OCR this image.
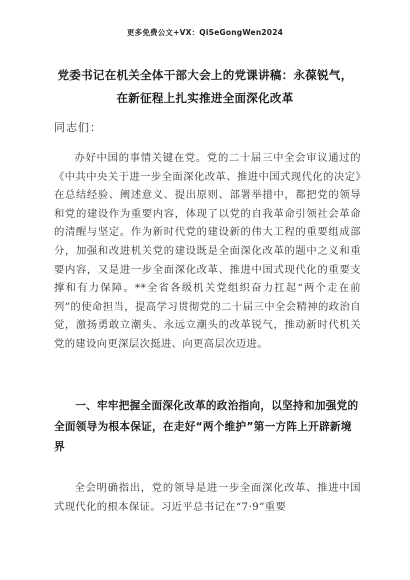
更多免费公文+VX：QiSeGongWen2024
党委书记在机关全体干部大会上的党课讲稿：永葆锐气，
在新征程上扎实推进全面深化改革
同志们：

办好中国的事情关键在党。党的二十届三中全会审议通过的《中共中央关于进一步全面深化改革、推进中国式现代化的决定》在总结经验、阐述意义、提出原则、部署举措中，都把党的领导和党的建设作为重要内容，体现了以党的自我革命引领社会革命的清醒与坚定。作为新时代党的建设新的伟大工程的重要组成部分，加强和改进机关党的建设既是全面深化改革的题中之义和重要内容，又是进一步全面深化改革、推进中国式现代化的重要支撑和有力保障。**全省各级机关党组织奋力扛起“两个走在前列”的使命担当，提高学习贯彻党的二十届三中全会精神的政治自觉，激扬勇敢立潮头、永远立潮头的改革锐气，推动新时代机关党的建设向更深层次挺进、向更高层次迈进。

一、牢牢把握全面深化改革的政治指向，以坚持和加强党的全面领导为根本保证，在走好“两个维护”第一方阵上开辟新境界

全会明确指出，党的领导是进一步全面深化改革、推进中国式现代化的根本保证。习近平总书记在“7·9”重要
